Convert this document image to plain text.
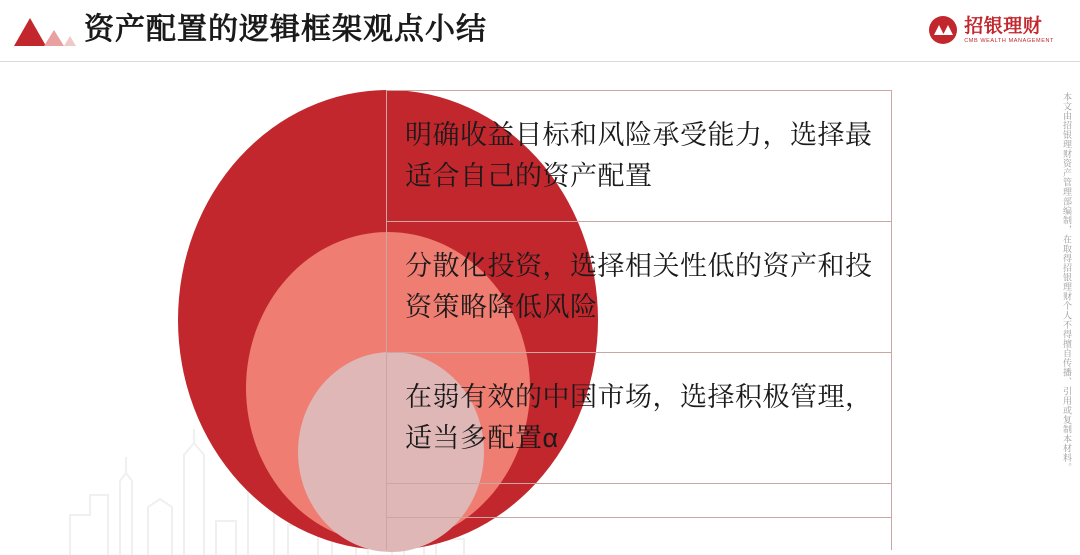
资产配置的逻辑框架观点小结	招银理财
CMB WEALTH MANAGEMENT
明确收益目标和风险承受能力，选择最适合自己的资产配置
分散化投资，选择相关性低的资产和投资策略降低风险
在弱有效的中国市场，选择积极管理，适当多配置α	本文由招银理财资产管理部编制，在取得招银理财个人不得擅自传播、引用或复制本材料。
